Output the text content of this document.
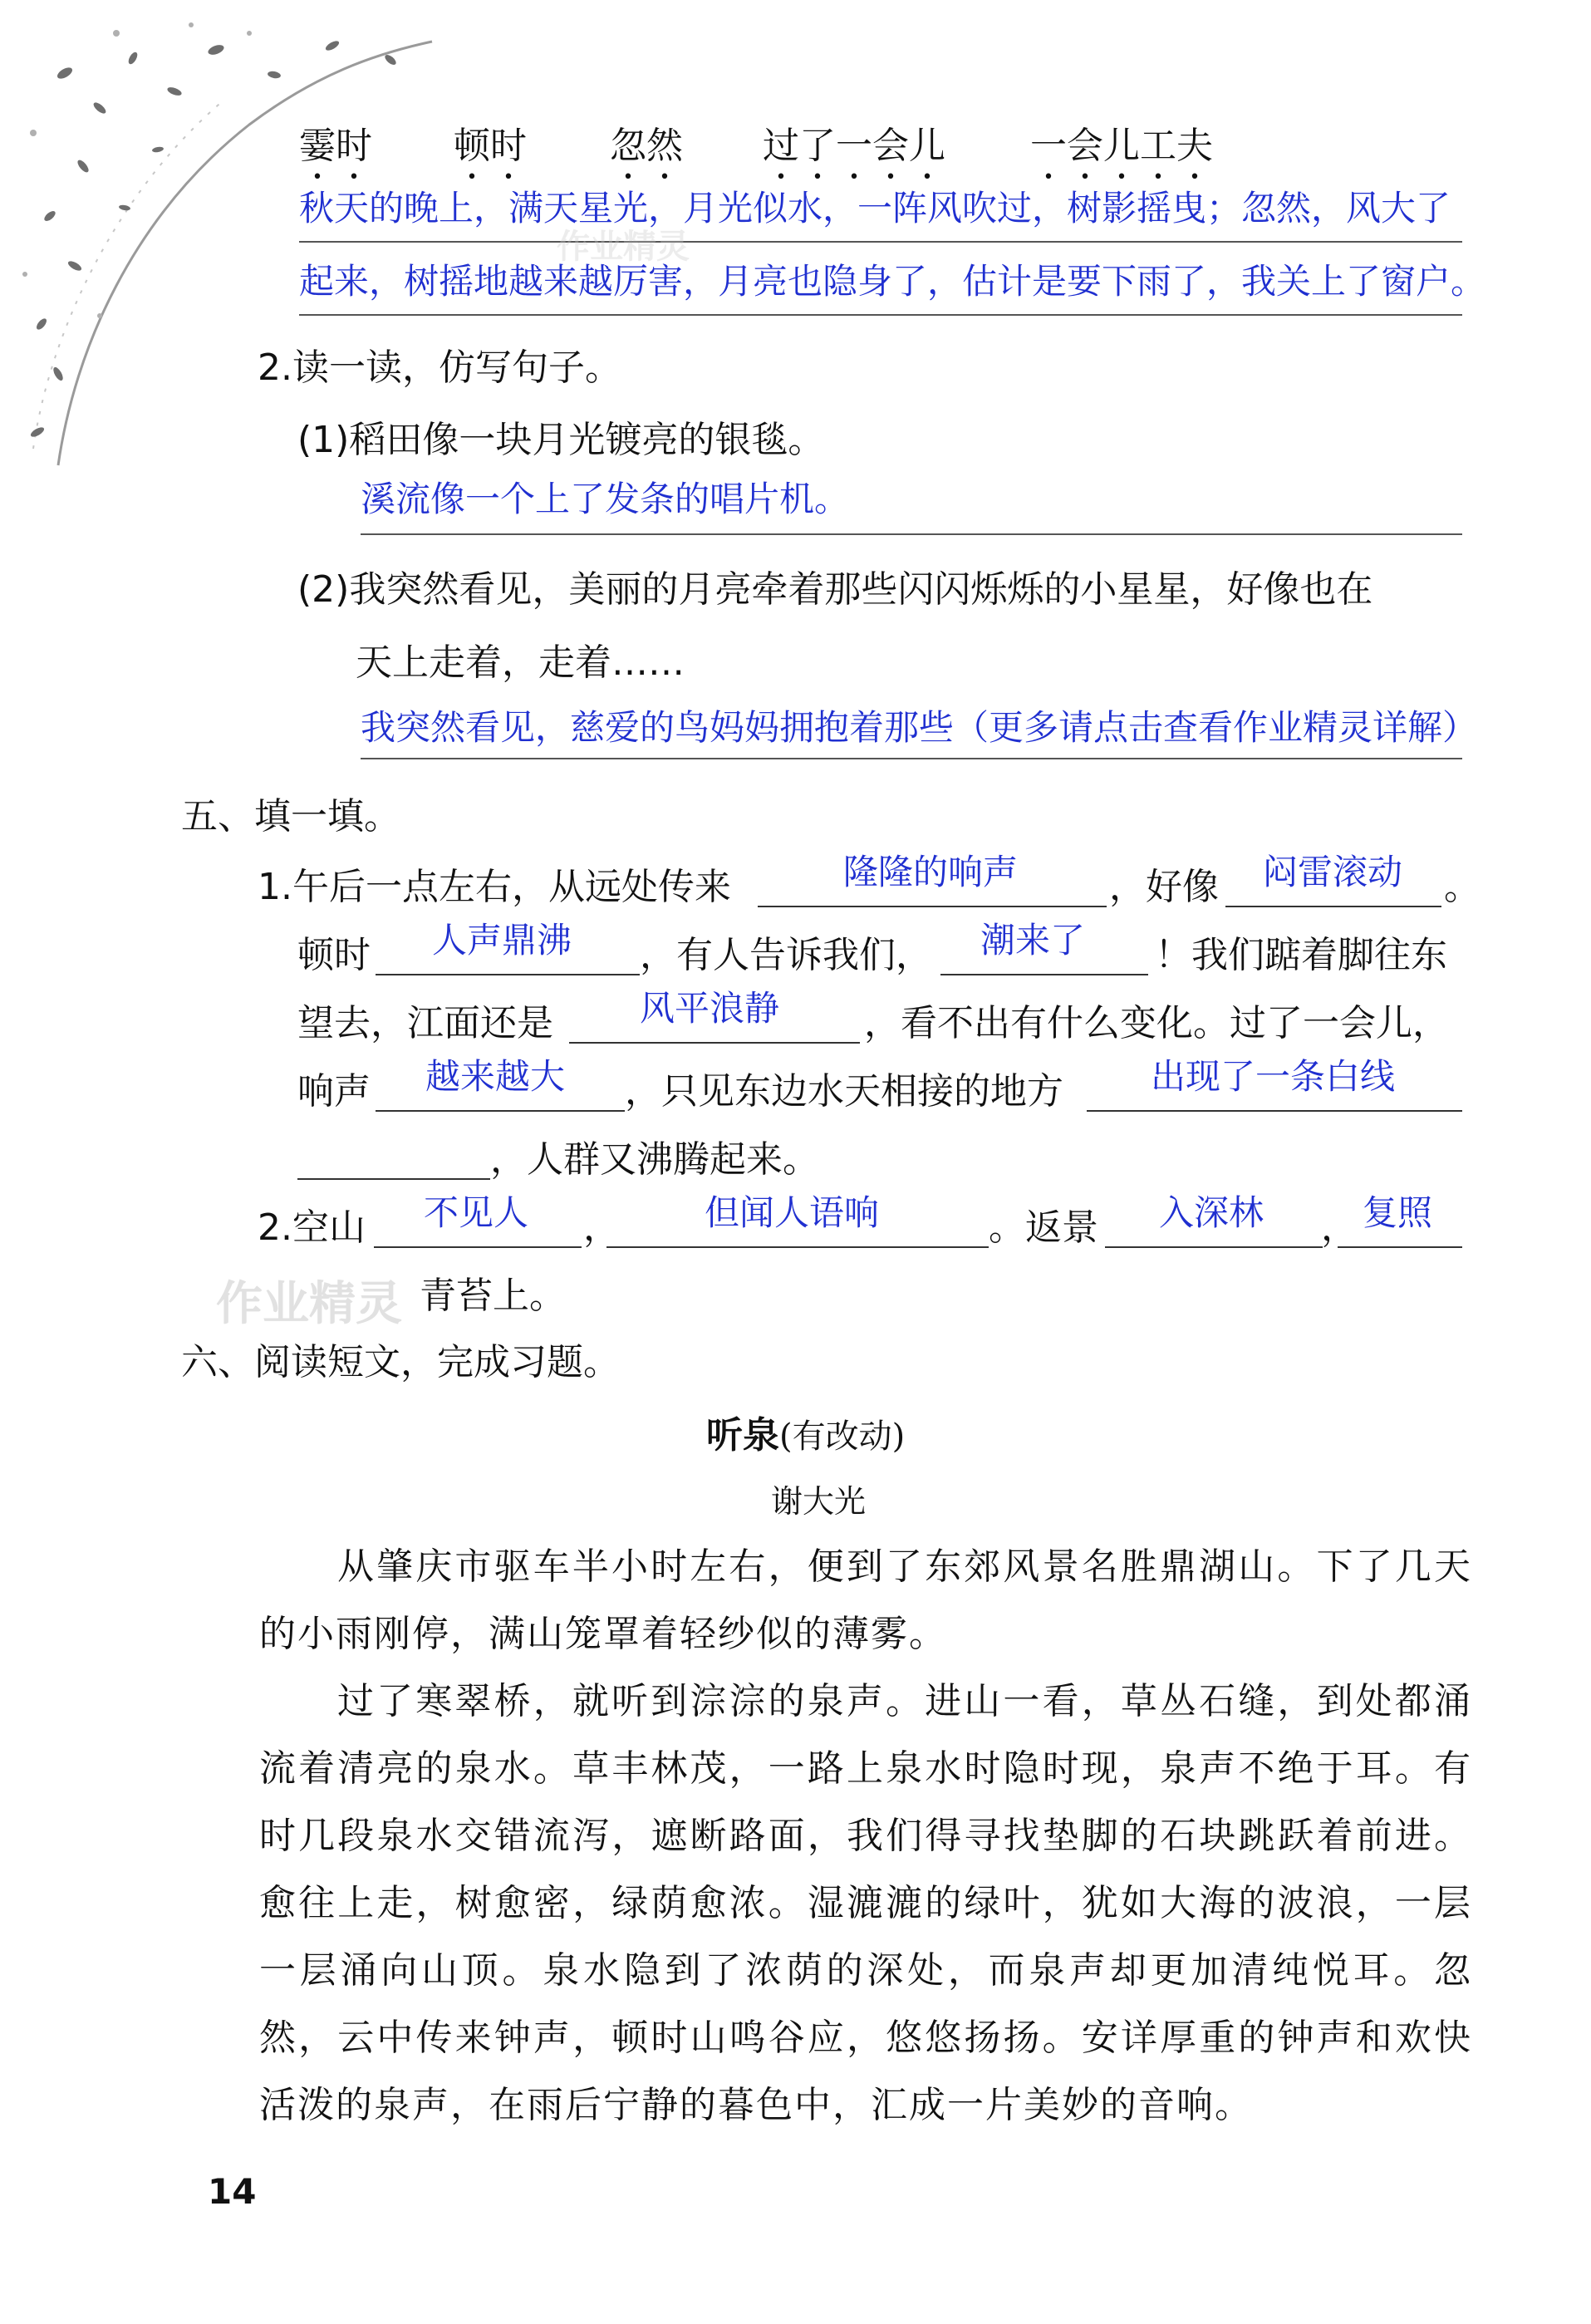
霎时 顿时 忽然 过了一会儿 一会儿工夫
秋天的晚上，满天星光，月光似水，一阵风吹过，树影摇曳；忽然，风大了
起来，树摇地越来越厉害，月亮也隐身了，估计是要下雨了，我关上了窗户。
2.读一读，仿写句子。
(1)稻田像一块月光镀亮的银毯。
溪流像一个上了发条的唱片机。
(2)我突然看见，美丽的月亮牵着那些闪闪烁烁的小星星，好像也在
天上走着，走着……
我突然看见，慈爱的鸟妈妈拥抱着那些（更多请点击查看作业精灵详解）
五、填一填。
1.午后一点左右，从远处传来	隆隆的响声 ，好像 闷雷滚动 。
顿时 人声鼎沸 ，有人告诉我们， 潮来了 ！我们踮着脚往东
望去，江面还是 风平浪静 ，看不出有什么变化。过了一会儿，
响声 越来越大 ，只见东边水天相接的地方	出现了一条白线
，人群又沸腾起来。
2.空山 不见人 ， 但闻人语响	。返景 入深林 ， 复照
青苔上。
作业精灵
作业精灵
六、阅读短文，完成习题。
听泉(有改动)
谢大光

从肇庆市驱车半小时左右，便到了东郊风景名胜鼎湖山。下了几天的小雨刚停，满山笼罩着轻纱似的薄雾。

过了寒翠桥，就听到淙淙的泉声。进山一看，草丛石缝，到处都涌流着清亮的泉水。草丰林茂，一路上泉水时隐时现，泉声不绝于耳。有时几段泉水交错流泻，遮断路面，我们得寻找垫脚的石块跳跃着前进。愈往上走，树愈密，绿荫愈浓。湿漉漉的绿叶，犹如大海的波浪，一层一层涌向山顶。泉水隐到了浓荫的深处，而泉声却更加清纯悦耳。忽然，云中传来钟声，顿时山鸣谷应，悠悠扬扬。安详厚重的钟声和欢快活泼的泉声，在雨后宁静的暮色中，汇成一片美妙的音响。

14
